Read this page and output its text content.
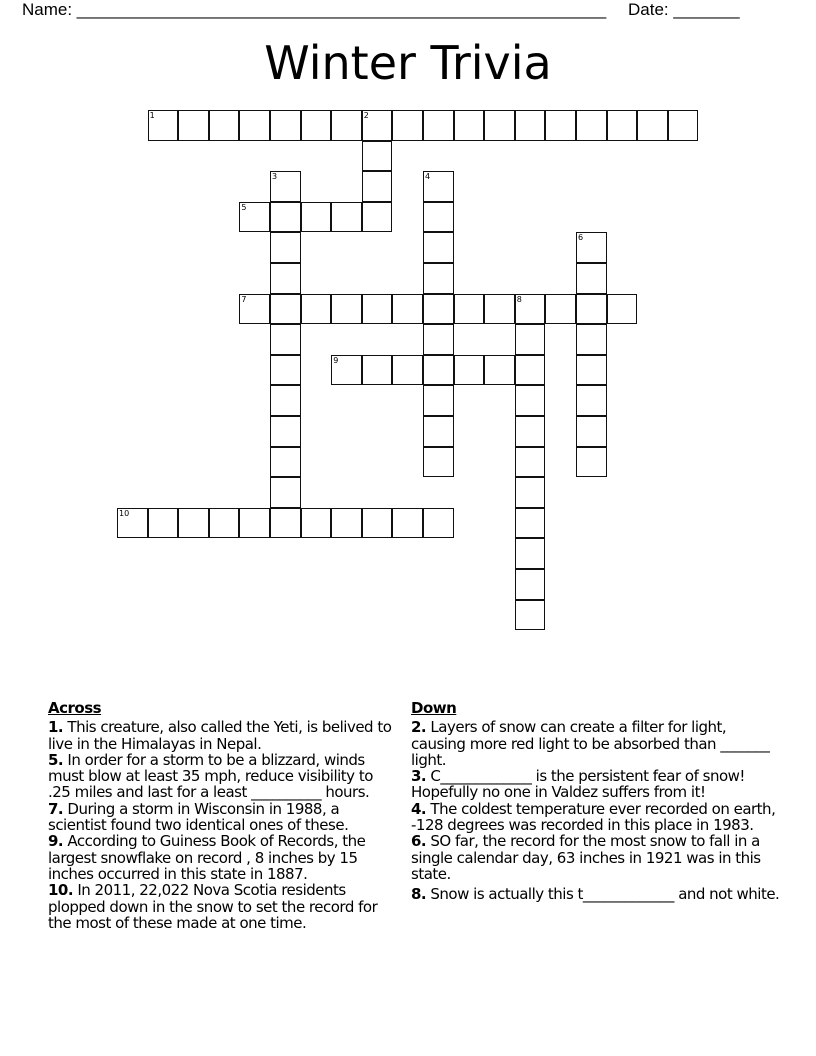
Name: ________________________________________________________ Date: _______
Winter Trivia
1	2
3	4
5
6
7	8
9
10
Across
1. This creature, also called the Yeti, is belived to live in the Himalayas in Nepal.
5. In order for a storm to be a blizzard, winds must blow at least 35 mph, reduce visibility to .25 miles and last for a least __________ hours.
7. During a storm in Wisconsin in 1988, a scientist found two identical ones of these.
9. According to Guiness Book of Records, the largest snowflake on record , 8 inches by 15 inches occurred in this state in 1887.
10. In 2011, 22,022 Nova Scotia residents plopped down in the snow to set the record for the most of these made at one time.
Down
2. Layers of snow can create a filter for light, causing more red light to be absorbed than _______ light.
3. C_____________ is the persistent fear of snow! Hopefully no one in Valdez suffers from it!
4. The coldest temperature ever recorded on earth, -128 degrees was recorded in this place in 1983.
6. SO far, the record for the most snow to fall in a single calendar day, 63 inches in 1921 was in this state.
8. Snow is actually this t_____________ and not white.
